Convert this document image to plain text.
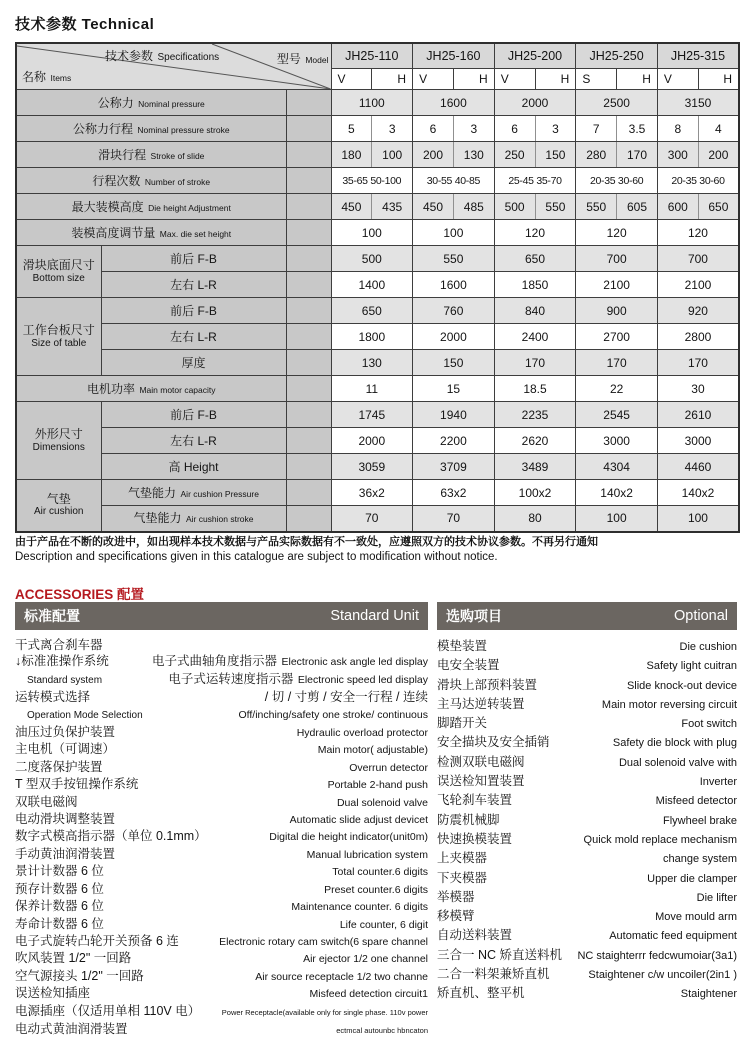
技术参数 Technical
技术参数 Specifications 型号 Model
名称 Items			JH25-110		JH25-160		JH25-200		JH25-250		JH25-315	
			V	H	V	H	V	H	S	H	V	H
公称力 Nominal pressure			1100		1600		2000		2500		3150	
公称力行程 Nominal pressure stroke			5	3	6	3	6	3	7	3.5	8	4
滑块行程 Stroke of slide			180	100	200	130	250	150	280	170	300	200
行程次数 Number of stroke			35-65 50-100		30-55 40-85		25-45 35-70		20-35 30-60		20-35 30-60	
最大装模高度 Die height Adjustment			450	435	450	485	500	550	550	605	600	650
装模高度调节量 Max. die set height			100		100		120		120		120	

滑块底面尺寸
Bottom size	前后 F-B		500		550		650		700		700	
	左右 L-R		1400		1600		1850		2100		2100	

工作台板尺寸
Size of table	前后 F-B		650		760		840		900		920	
	左右 L-R		1800		2000		2400		2700		2800	
	厚度		130		150		170		170		170	
电机功率 Main motor capacity			11		15		18.5		22		30	

外形尺寸
Dimensions	前后 F-B		1745		1940		2235		2545		2610	
	左右 L-R		2000		2200		2620		3000		3000	
	高 Height		3059		3709		3489		4304		4460	

气垫
Air cushion	气垫能力 Air cushion Pressure		36x2		63x2		100x2		140x2		140x2	
	气垫能力 Air cushion stroke		70		70		80		100		100	
由于产品在不断的改进中，如出现样本技术数据与产品实际数据有不一致处，应遵照双方的技术协议参数。不再另行通知
Description and specifications given in this catalogue are subject to modification without notice.
ACCESSORIES 配置
标准配置	Standard Unit
干式离合刹车器
↓标准准操作系统	电子式曲轴角度指示器 Electronic ask angle led display
Standard system	电子式运转速度指示器 Electronic speed led display
运转模式选择	/ 切 / 寸剪 / 安全一行程 / 连续
Operation Mode Selection	Off/inching/safety one stroke/ continuous
油压过负保护装置	Hydraulic overload protector
主电机（可调速）	Main motor( adjustable)
二度落保护装置	Overrun detector
T 型双手按钮操作系统	Portable 2-hand push
双联电磁阀	Dual solenoid valve
电动滑块调整装置	Automatic slide adjust devicet
数字式模高指示器（单位 0.1mm）	Digital die height indicator(unit0m)
手动黄油润滑装置	Manual lubrication system
景计计数器 6 位	Total counter.6 digits
预存计数器 6 位	Preset counter.6 digits
保养计数器 6 位	Maintenance counter. 6 digits
寿命计数器 6 位	Life counter, 6 digit
电子式旋转凸轮开关预备 6 连	Electronic rotary cam switch(6 spare channel
吹风装置 1/2" 一回路	Air ejector 1/2 one channel
空气源接头 1/2" 一回路	Air source receptacle 1/2 two channe
误送检知插座	Misfeed detection circuit1
电源插座（仅适用单相 110V 电）	Power Receptacle(available only for single phase. 110v power
电动式黄油润滑装置	ectmcal autounbc hbncaton
选购项目	Optional
模垫装置	Die cushion
电安全装置	Safety light cuitran
滑块上部预料装置	Slide knock-out device
主马达逆转装置	Main motor reversing circuit
脚踏开关	Foot switch
安全描块及安全插销	Safety die block with plug
检测双联电磁阀	Dual solenoid valve with
误送检知置装置	Inverter
飞轮刹车装置	Misfeed detector
防震机械脚	Flywheel brake
快速换模装置	Quick mold replace mechanism
上夹模器	change system
下夹模器	Upper die clamper
举模器	Die lifter
移模臂	Move mould arm
自动送料装置	Automatic feed equipment
三合一 NC 矫直送料机 NC staighterrr fedcwumoiar(3a1)
二合一料架兼矫直机	Staightener c/w uncoiler(2in1 )
矫直机、整平机	Staightener
